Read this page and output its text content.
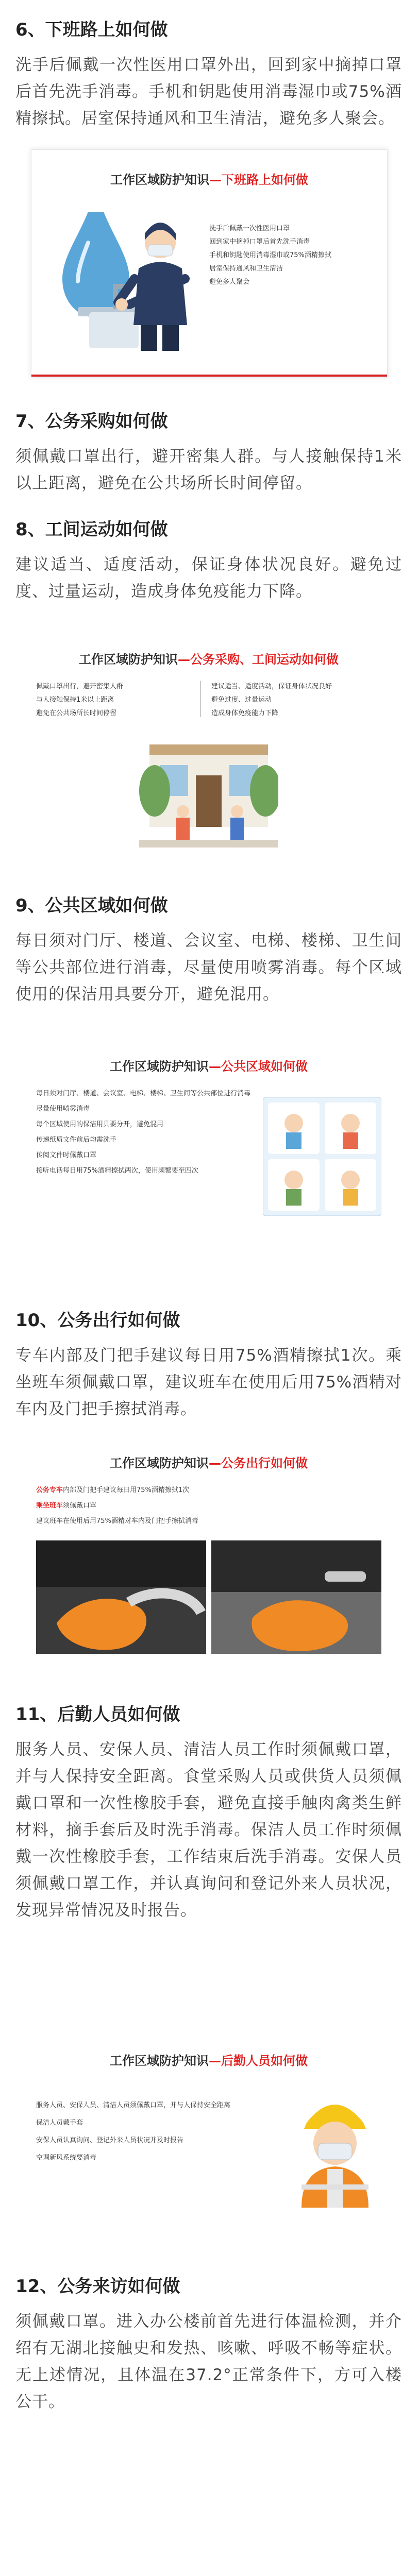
6、下班路上如何做
洗手后佩戴一次性医用口罩外出，回到家中摘掉口罩后首先洗手消毒。手机和钥匙使用消毒湿巾或75%酒精擦拭。居室保持通风和卫生清洁，避免多人聚会。
工作区域防护知识—下班路上如何做
洗手后佩戴一次性医用口罩
回到家中摘掉口罩后首先洗手消毒
手机和钥匙使用消毒湿巾或75%酒精擦拭
居室保持通风和卫生清洁
避免多人聚会
7、公务采购如何做
须佩戴口罩出行，避开密集人群。与人接触保持1米以上距离，避免在公共场所长时间停留。
8、工间运动如何做
建议适当、适度活动，保证身体状况良好。避免过度、过量运动，造成身体免疫能力下降。
工作区域防护知识—公务采购、工间运动如何做
佩戴口罩出行，避开密集人群
与人接触保持1米以上距离
避免在公共场所长时间停留
建议适当、适度活动，保证身体状况良好
避免过度、过量运动
造成身体免疫能力下降
9、公共区域如何做
每日须对门厅、楼道、会议室、电梯、楼梯、卫生间等公共部位进行消毒，尽量使用喷雾消毒。每个区域使用的保洁用具要分开，避免混用。
工作区域防护知识—公共区域如何做
每日须对门厅、楼道、会议室、电梯、楼梯、卫生间等公共部位进行消毒
尽量使用喷雾消毒
每个区域使用的保洁用具要分开，避免混用
传递纸质文件前后均需洗手
传阅文件时佩戴口罩
接听电话每日用75%酒精擦拭两次，使用频繁要至四次
10、公务出行如何做
专车内部及门把手建议每日用75%酒精擦拭1次。乘坐班车须佩戴口罩，建议班车在使用后用75%酒精对车内及门把手擦拭消毒。
工作区域防护知识—公务出行如何做
公务专车内部及门把手建议每日用75%酒精擦拭1次
乘坐班车须佩戴口罩
建议班车在使用后用75%酒精对车内及门把手擦拭消毒
11、后勤人员如何做
服务人员、安保人员、清洁人员工作时须佩戴口罩，并与人保持安全距离。食堂采购人员或供货人员须佩戴口罩和一次性橡胶手套，避免直接手触肉禽类生鲜材料，摘手套后及时洗手消毒。保洁人员工作时须佩戴一次性橡胶手套，工作结束后洗手消毒。安保人员须佩戴口罩工作，并认真询问和登记外来人员状况，发现异常情况及时报告。
工作区域防护知识—后勤人员如何做
服务人员、安保人员、清洁人员须佩戴口罩，并与人保持安全距离
保洁人员戴手套
安保人员认真询问、登记外来人员状况并及时报告
空调新风系统要消毒
12、公务来访如何做
须佩戴口罩。进入办公楼前首先进行体温检测，并介绍有无湖北接触史和发热、咳嗽、呼吸不畅等症状。无上述情况，且体温在37.2°正常条件下，方可入楼公干。
